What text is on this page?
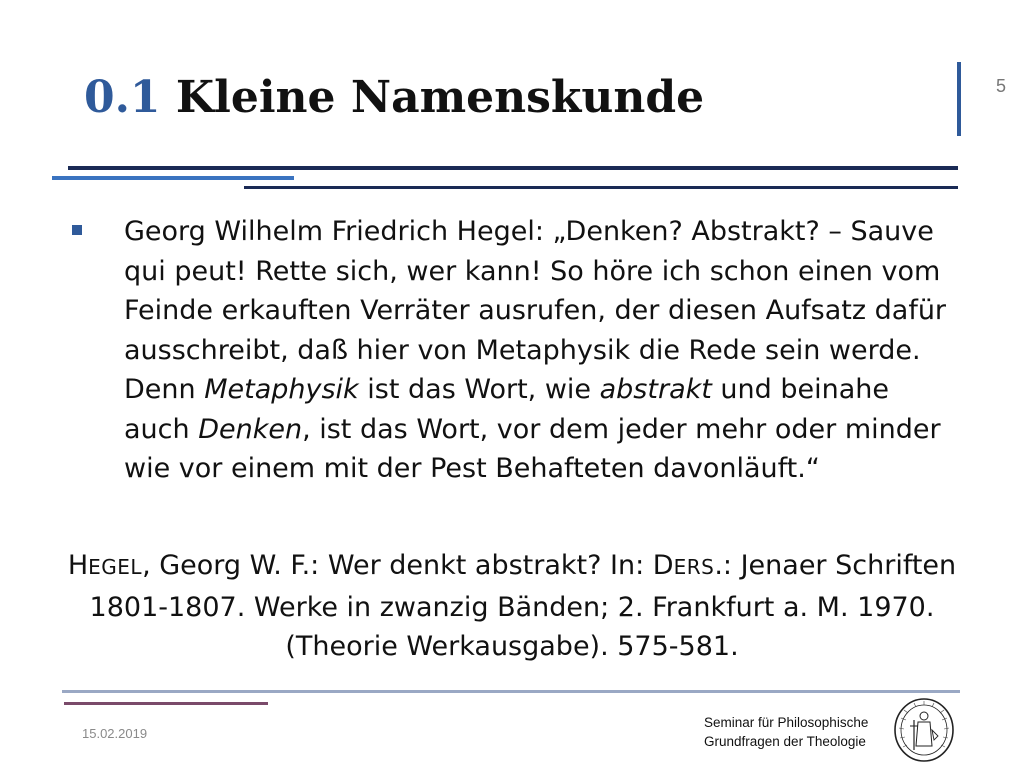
0.1 Kleine Namenskunde	5
Georg Wilhelm Friedrich Hegel: „Denken? Abstrakt? – Sauve qui peut! Rette sich, wer kann! So höre ich schon einen vom Feinde erkauften Verräter ausrufen, der diesen Aufsatz dafür ausschreibt, daß hier von Metaphysik die Rede sein werde. Denn Metaphysik ist das Wort, wie abstrakt und beinahe auch Denken, ist das Wort, vor dem jeder mehr oder minder wie vor einem mit der Pest Behafteten davonläuft.“
HEGEL, Georg W. F.: Wer denkt abstrakt? In: DERS.: Jenaer Schriften 1801-1807. Werke in zwanzig Bänden; 2. Frankfurt a. M. 1970. (Theorie Werkausgabe). 575-581.
15.02.2019
Seminar für Philosophische
Grundfragen der Theologie
